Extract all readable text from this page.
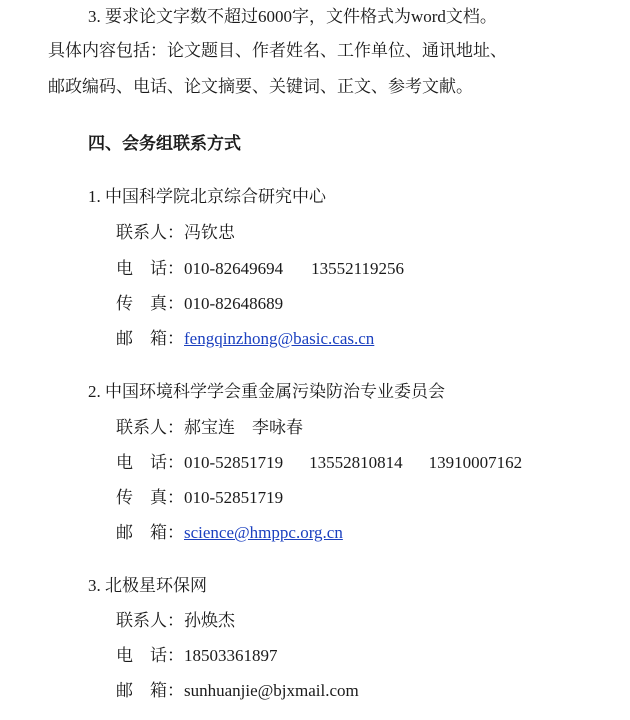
3. 要求论文字数不超过6000字，文件格式为word文档。
具体内容包括：论文题目、作者姓名、工作单位、通讯地址、
邮政编码、电话、论文摘要、关键词、正文、参考文献。
四、会务组联系方式
1. 中国科学院北京综合研究中心
联系人：冯钦忠
电　话：010-82649694 13552119256
传　真：010-82648689
邮　箱：fengqinzhong@basic.cas.cn
2. 中国环境科学学会重金属污染防治专业委员会
联系人：郝宝连　李咏春
电　话：010-52851719 13552810814 13910007162
传　真：010-52851719
邮　箱：science@hmppc.org.cn
3. 北极星环保网
联系人：孙焕杰
电　话：18503361897
邮　箱：sunhuanjie@bjxmail.com
